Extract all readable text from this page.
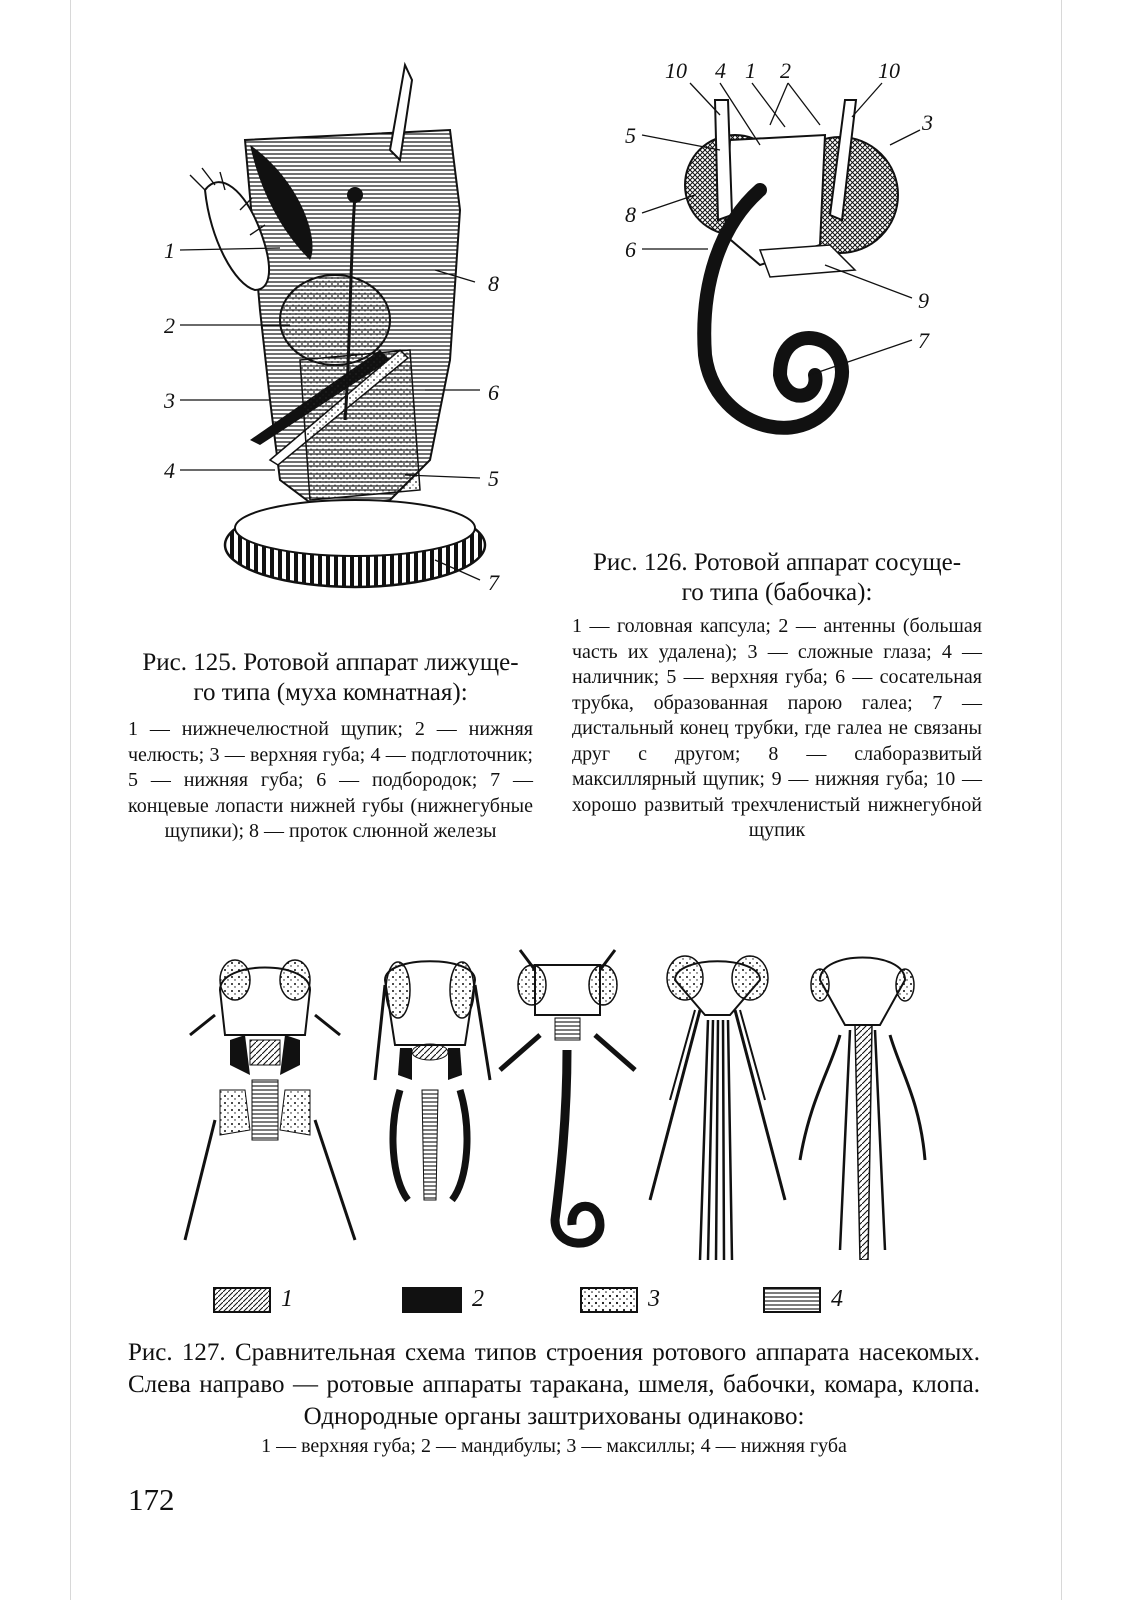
1
2
3
4	5
6
7
8
Рис. 125. Ротовой аппарат лижуще-
го типа (муха комнатная):
1 — нижнечелюстной щупик; 2 — нижняя челюсть; 3 — верхняя губа; 4 — подглоточник; 5 — нижняя губа; 6 — подбородок; 7 — концевые лопасти нижней губы (нижнегубные щупики); 8 — проток слюнной железы
10 4 1 2	10
3
5
8
6
9
7
Рис. 126. Ротовой аппарат сосуще-
го типа (бабочка):
1 — головная капсула; 2 — антенны (большая часть их удалена); 3 — сложные глаза; 4 — наличник; 5 — верхняя губа; 6 — сосательная трубка, образованная парою галеа; 7 — дистальный конец трубки, где галеа не связаны друг с другом; 8 — слаборазвитый максиллярный щупик; 9 — нижняя губа; 10 — хорошо развитый трехчленистый нижнегубной щупик
1	2	3	4
Рис. 127. Сравнительная схема типов строения ротового аппарата насекомых. Слева направо — ротовые аппараты таракана, шмеля, бабочки, комара, клопа. Однородные органы заштрихованы одинаково:
1 — верхняя губа; 2 — мандибулы; 3 — максиллы; 4 — нижняя губа
172
